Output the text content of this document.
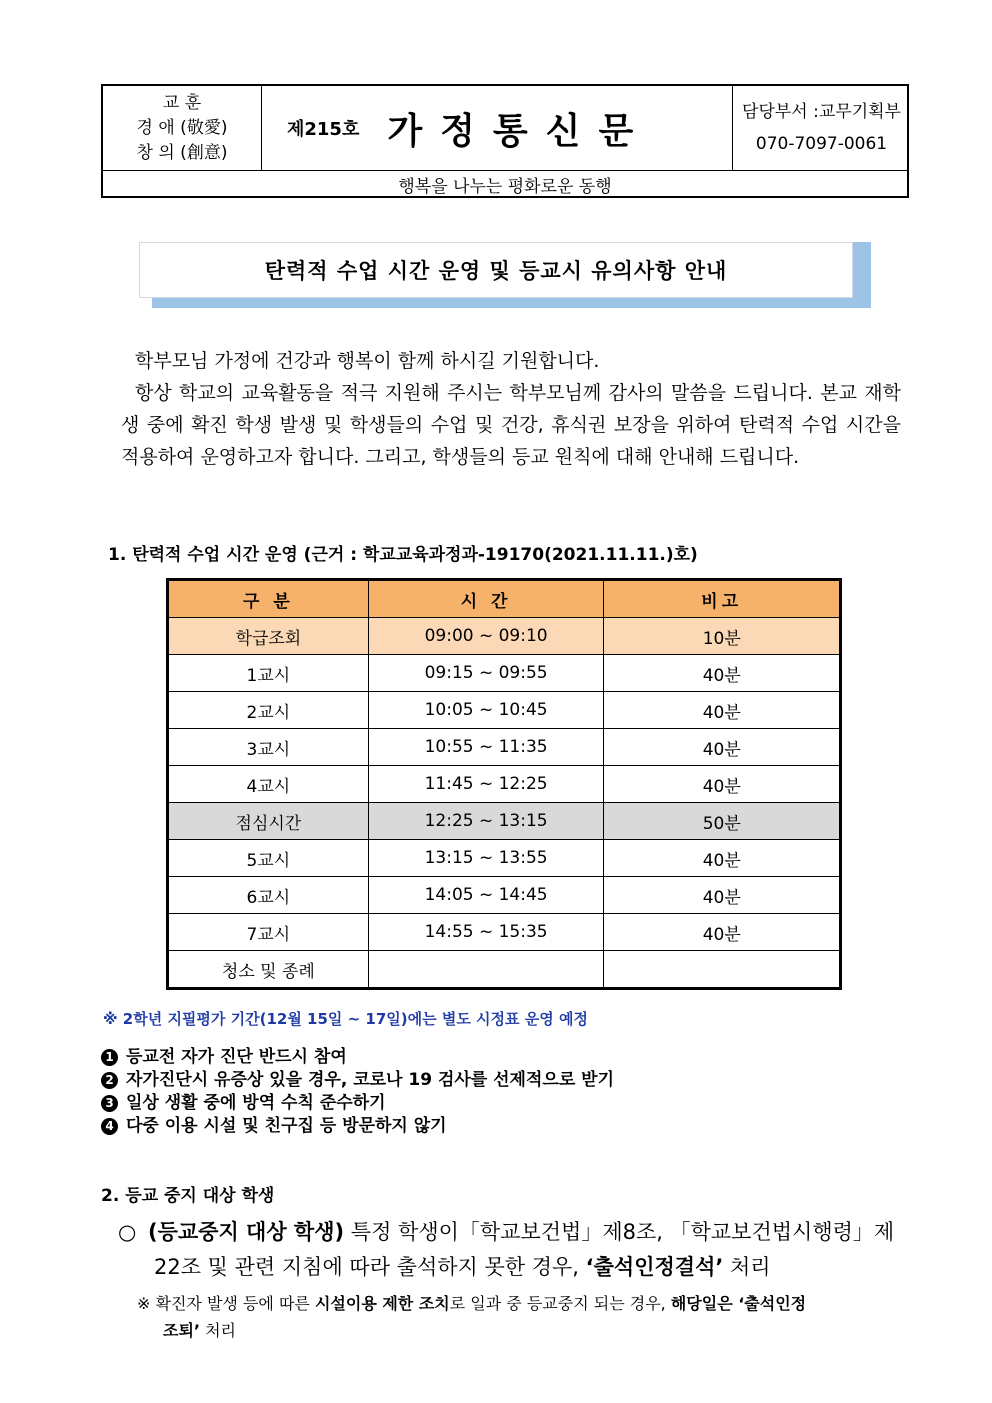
교 훈
경 애 (敬愛)
창 의 (創意)
제215호 가정통신문	담당부서 :교무기획부
070-7097-0061
행복을 나누는 평화로운 동행
탄력적 수업 시간 운영 및 등교시 유의사항 안내

학부모님 가정에 건강과 행복이 함께 하시길 기원합니다.

항상 학교의 교육활동을 적극 지원해 주시는 학부모님께 감사의 말씀을 드립니다. 본교 재학생 중에 확진 학생 발생 및 학생들의 수업 및 건강, 휴식권 보장을 위하여 탄력적 수업 시간을 적용하여 운영하고자 합니다. 그리고, 학생들의 등교 원칙에 대해 안내해 드립니다.

1. 탄력적 수업 시간 운영 (근거 : 학교교육과정과-19170(2021.11.11.)호)
구 분	시 간	비고
학급조회	09:00 ~ 09:10	10분
1교시	09:15 ~ 09:55	40분
2교시	10:05 ~ 10:45	40분
3교시	10:55 ~ 11:35	40분
4교시	11:45 ~ 12:25	40분
점심시간	12:25 ~ 13:15	50분
5교시	13:15 ~ 13:55	40분
6교시	14:05 ~ 14:45	40분
7교시	14:55 ~ 15:35	40분
청소 및 종례		
※ 2학년 지필평가 기간(12월 15일 ~ 17일)에는 별도 시정표 운영 예정
1 등교전 자가 진단 반드시 참여
2 자가진단시 유증상 있을 경우, 코로나 19 검사를 선제적으로 받기
3 일상 생활 중에 방역 수칙 준수하기
4 다중 이용 시설 및 친구집 등 방문하지 않기
2. 등교 중지 대상 학생
○ (등교중지 대상 학생) 특정 학생이「학교보건법」제8조, 「학교보건법시행령」제
22조 및 관련 지침에 따라 출석하지 못한 경우, ‘출석인정결석’ 처리
※ 확진자 발생 등에 따른 시설이용 제한 조치로 일과 중 등교중지 되는 경우, 해당일은 ‘출석인정
조퇴’ 처리
